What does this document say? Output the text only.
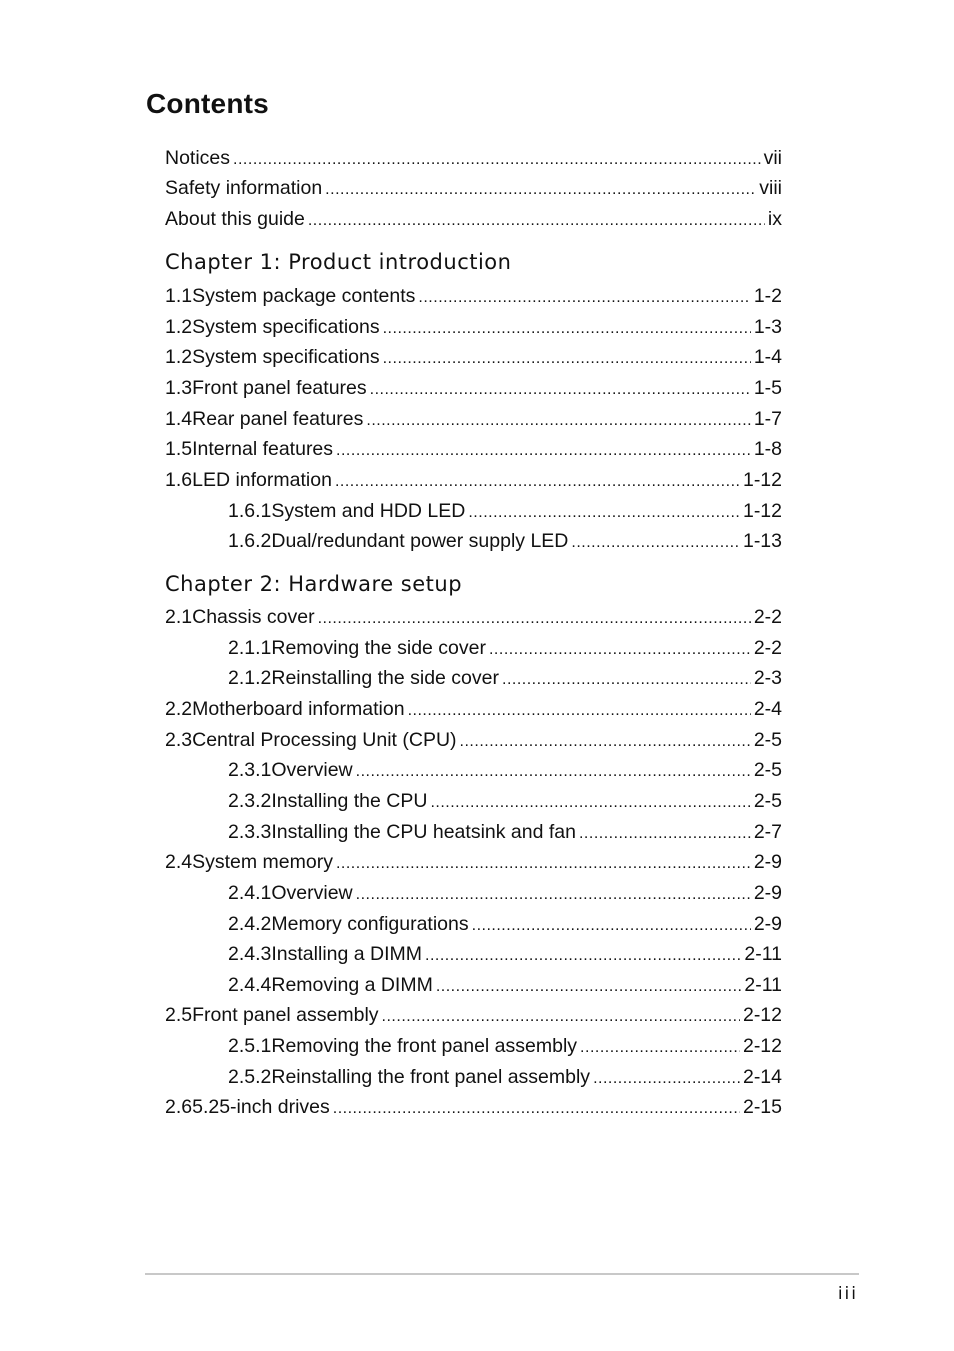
Contents
Notices .....	vii
Safety information .....	viii
About this guide .....	ix
Chapter 1: Product introduction
1.1 System package contents .....	1-2
1.2 System specifications .....	1-3
1.2 System specifications .....	1-4
1.3 Front panel features .....	1-5
1.4 Rear panel features .....	1-7
1.5 Internal features .....	1-8
1.6 LED information .....	1-12
1.6.1 System and HDD LED .....	1-12
1.6.2 Dual/redundant power supply LED .....	1-13
Chapter 2: Hardware setup
2.1 Chassis cover .....	2-2
2.1.1 Removing the side cover .....	2-2
2.1.2 Reinstalling the side cover .....	2-3
2.2 Motherboard information .....	2-4
2.3 Central Processing Unit (CPU) .....	2-5
2.3.1 Overview .....	2-5
2.3.2 Installing the CPU .....	2-5
2.3.3 Installing the CPU heatsink and fan .....	2-7
2.4 System memory .....	2-9
2.4.1 Overview .....	2-9
2.4.2 Memory configurations .....	2-9
2.4.3 Installing a DIMM .....	2-11
2.4.4 Removing a DIMM .....	2-11
2.5 Front panel assembly .....	2-12
2.5.1 Removing the front panel assembly .....	2-12
2.5.2 Reinstalling the front panel assembly .....	2-14
2.6 5.25-inch drives .....	2-15
iii
